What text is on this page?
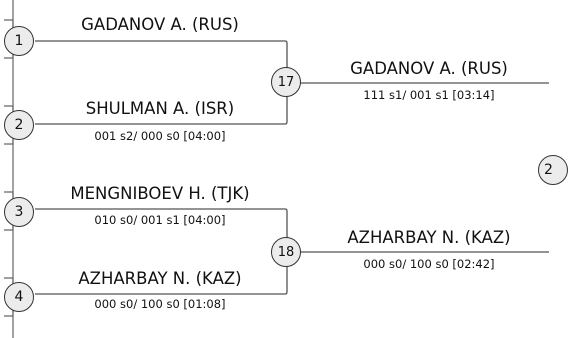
1
2
3
4
GADANOV A. (RUS)
SHULMAN A. (ISR)
001 s2/ 000 s0 [04:00]
MENGNIBOEV H. (TJK)
010 s0/ 001 s1 [04:00]
AZHARBAY N. (KAZ)
000 s0/ 100 s0 [01:08]
17
18
GADANOV A. (RUS)
111 s1/ 001 s1 [03:14]
AZHARBAY N. (KAZ)
000 s0/ 100 s0 [02:42]
2
